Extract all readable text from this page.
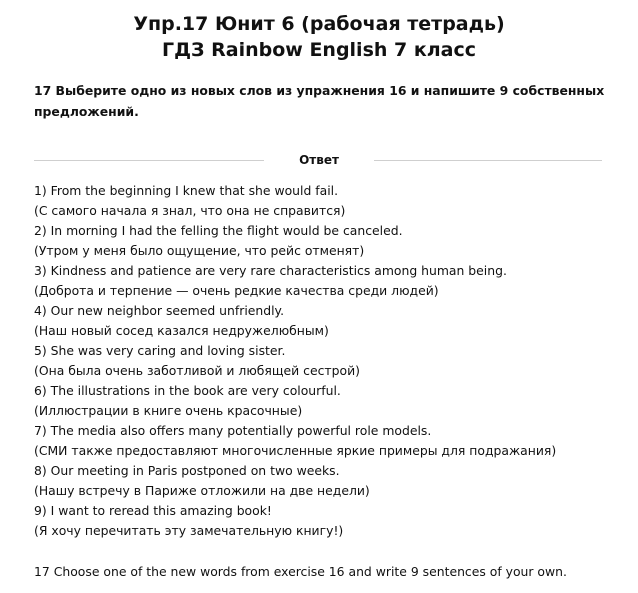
Упр.17 Юнит 6 (рабочая тетрадь)
ГДЗ Rainbow English 7 класс
17 Выберите одно из новых слов из упражнения 16 и напишите 9 собственных предложений.
Ответ
1) From the beginning I knew that she would fail.
(С самого начала я знал, что она не справится)
2) In morning I had the felling the flight would be canceled.
(Утром у меня было ощущение, что рейс отменят)
3) Kindness and patience are very rare characteristics among human being.
(Доброта и терпение — очень редкие качества среди людей)
4) Our new neighbor seemed unfriendly.
(Наш новый сосед казался недружелюбным)
5) She was very caring and loving sister.
(Она была очень заботливой и любящей сестрой)
6) The illustrations in the book are very colourful.
(Иллюстрации в книге очень красочные)
7) The media also offers many potentially powerful role models.
(СМИ также предоставляют многочисленные яркие примеры для подражания)
8) Our meeting in Paris postponed on two weeks.
(Нашу встречу в Париже отложили на две недели)
9) I want to reread this amazing book!
(Я хочу перечитать эту замечательную книгу!)
17 Choose one of the new words from exercise 16 and write 9 sentences of your own.
